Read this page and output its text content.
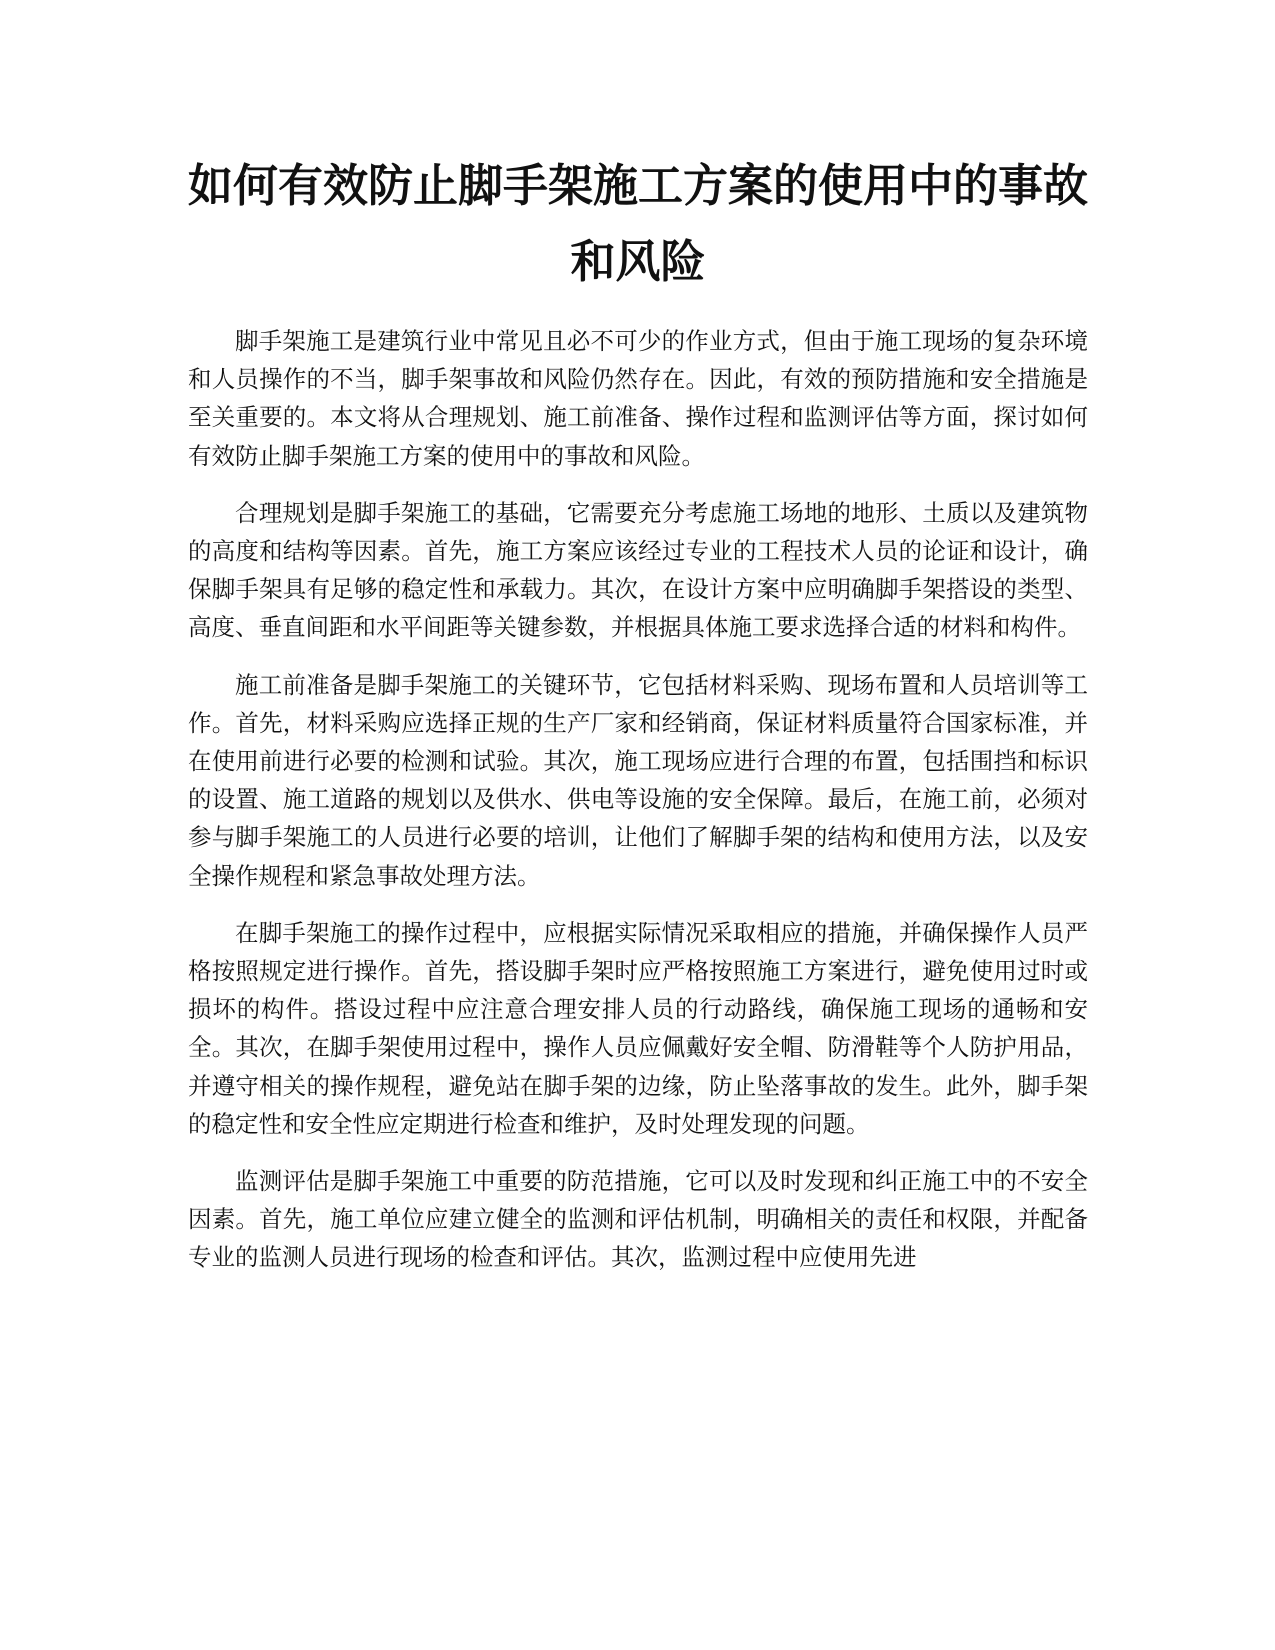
如何有效防止脚手架施工方案的使用中的事故和风险

脚手架施工是建筑行业中常见且必不可少的作业方式，但由于施工现场的复杂环境和人员操作的不当，脚手架事故和风险仍然存在。因此，有效的预防措施和安全措施是至关重要的。本文将从合理规划、施工前准备、操作过程和监测评估等方面，探讨如何有效防止脚手架施工方案的使用中的事故和风险。

合理规划是脚手架施工的基础，它需要充分考虑施工场地的地形、土质以及建筑物的高度和结构等因素。首先，施工方案应该经过专业的工程技术人员的论证和设计，确保脚手架具有足够的稳定性和承载力。其次，在设计方案中应明确脚手架搭设的类型、高度、垂直间距和水平间距等关键参数，并根据具体施工要求选择合适的材料和构件。

施工前准备是脚手架施工的关键环节，它包括材料采购、现场布置和人员培训等工作。首先，材料采购应选择正规的生产厂家和经销商，保证材料质量符合国家标准，并在使用前进行必要的检测和试验。其次，施工现场应进行合理的布置，包括围挡和标识的设置、施工道路的规划以及供水、供电等设施的安全保障。最后，在施工前，必须对参与脚手架施工的人员进行必要的培训，让他们了解脚手架的结构和使用方法，以及安全操作规程和紧急事故处理方法。

在脚手架施工的操作过程中，应根据实际情况采取相应的措施，并确保操作人员严格按照规定进行操作。首先，搭设脚手架时应严格按照施工方案进行，避免使用过时或损坏的构件。搭设过程中应注意合理安排人员的行动路线，确保施工现场的通畅和安全。其次，在脚手架使用过程中，操作人员应佩戴好安全帽、防滑鞋等个人防护用品，并遵守相关的操作规程，避免站在脚手架的边缘，防止坠落事故的发生。此外，脚手架的稳定性和安全性应定期进行检查和维护，及时处理发现的问题。

监测评估是脚手架施工中重要的防范措施，它可以及时发现和纠正施工中的不安全因素。首先，施工单位应建立健全的监测和评估机制，明确相关的责任和权限，并配备专业的监测人员进行现场的检查和评估。其次，监测过程中应使用先进
